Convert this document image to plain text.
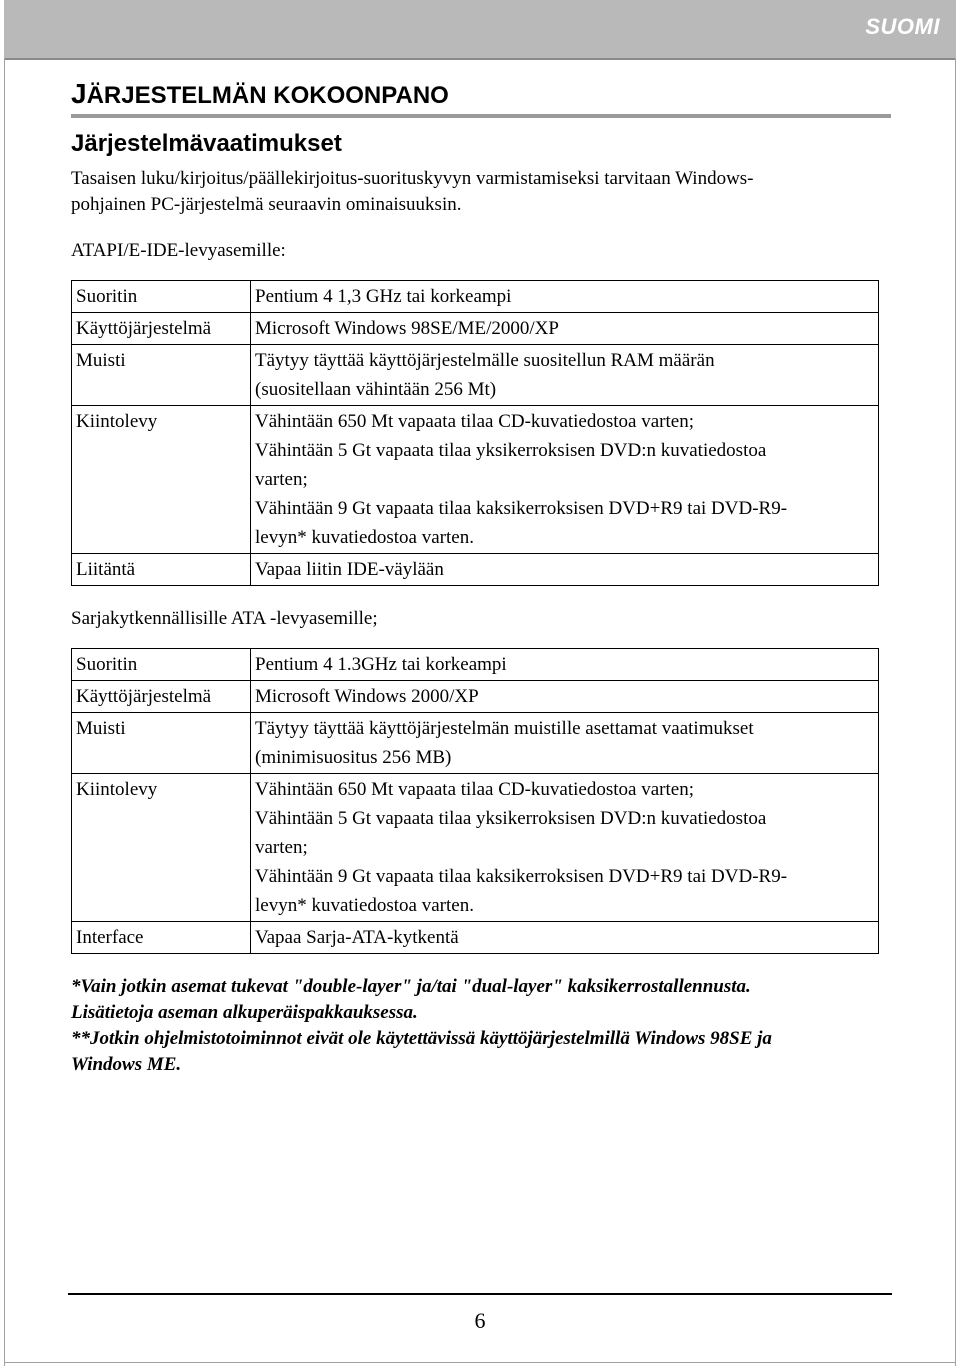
SUOMI
JÄRJESTELMÄN KOKOONPANO
Järjestelmävaatimukset

Tasaisen luku/kirjoitus/päällekirjoitus-suorituskyvyn varmistamiseksi tarvitaan Windows-
pohjainen PC-järjestelmä seuraavin ominaisuuksin.

ATAPI/E-IDE-levyasemille:
Suoritin	Pentium 4 1,3 GHz tai korkeampi

Käyttöjärjestelmä	Microsoft Windows 98SE/ME/2000/XP

Muisti	Täytyy täyttää käyttöjärjestelmälle suositellun RAM määrän
(suositellaan vähintään 256 Mt)

Kiintolevy	Vähintään 650 Mt vapaata tilaa CD-kuvatiedostoa varten;
Vähintään 5 Gt vapaata tilaa yksikerroksisen DVD:n kuvatiedostoa
varten;
Vähintään 9 Gt vapaata tilaa kaksikerroksisen DVD+R9 tai DVD-R9-
levyn* kuvatiedostoa varten.

Liitäntä	Vapaa liitin IDE-väylään
Sarjakytkennällisille ATA -levyasemille;
Suoritin	Pentium 4 1.3GHz tai korkeampi

Käyttöjärjestelmä	Microsoft Windows 2000/XP

Muisti	Täytyy täyttää käyttöjärjestelmän muistille asettamat vaatimukset
(minimisuositus 256 MB)

Kiintolevy	Vähintään 650 Mt vapaata tilaa CD-kuvatiedostoa varten;
Vähintään 5 Gt vapaata tilaa yksikerroksisen DVD:n kuvatiedostoa
varten;
Vähintään 9 Gt vapaata tilaa kaksikerroksisen DVD+R9 tai DVD-R9-
levyn* kuvatiedostoa varten.

Interface	Vapaa Sarja-ATA-kytkentä
*Vain jotkin asemat tukevat "double-layer" ja/tai "dual-layer" kaksikerrostallennusta.
Lisätietoja aseman alkuperäispakkauksessa.
**Jotkin ohjelmistotoiminnot eivät ole käytettävissä käyttöjärjestelmillä Windows 98SE ja
Windows ME.
6
